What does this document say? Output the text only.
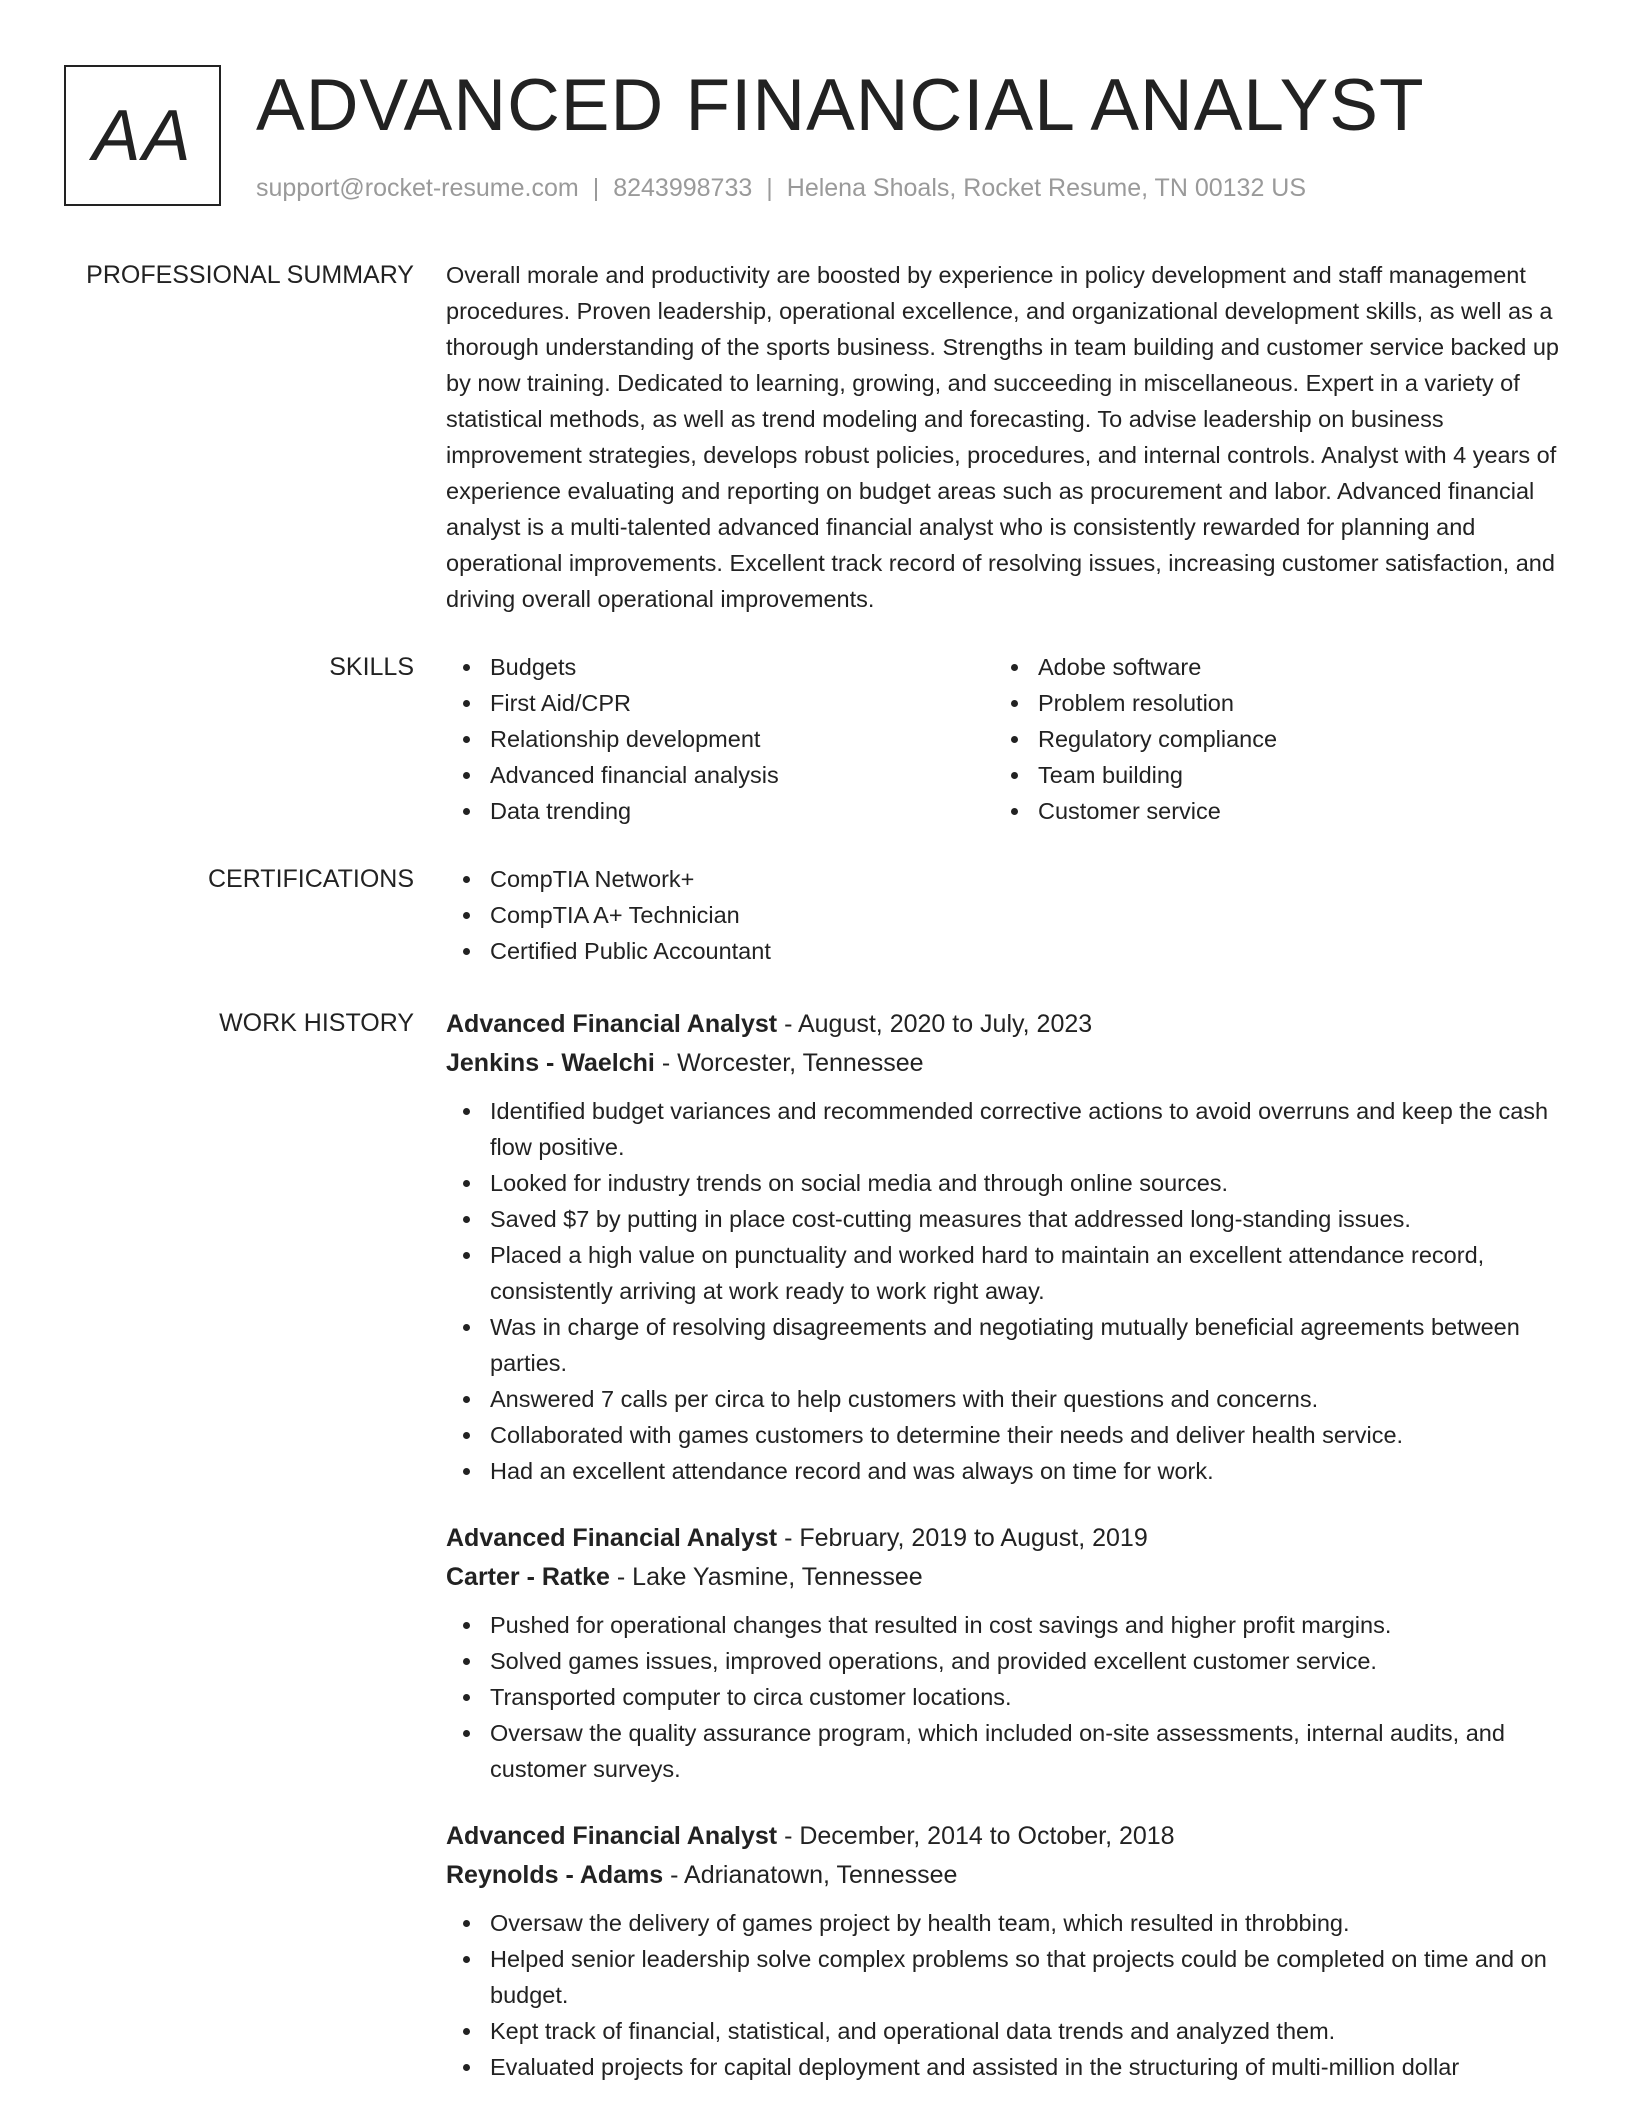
AA ADVANCED FINANCIAL ANALYST
support@rocket-resume.com | 8243998733 | Helena Shoals, Rocket Resume, TN 00132 US
PROFESSIONAL SUMMARY Overall morale and productivity are boosted by experience in policy development and staff management procedures. Proven leadership, operational excellence, and organizational development skills, as well as a thorough understanding of the sports business. Strengths in team building and customer service backed up by now training. Dedicated to learning, growing, and succeeding in miscellaneous. Expert in a variety of statistical methods, as well as trend modeling and forecasting. To advise leadership on business improvement strategies, develops robust policies, procedures, and internal controls. Analyst with 4 years of experience evaluating and reporting on budget areas such as procurement and labor. Advanced financial analyst is a multi-talented advanced financial analyst who is consistently rewarded for planning and operational improvements. Excellent track record of resolving issues, increasing customer satisfaction, and driving overall operational improvements.

SKILLS	Budgets
First Aid/CPR
Relationship development
Advanced financial analysis
Data trending
Adobe software
Problem resolution
Regulatory compliance
Team building
Customer service
CERTIFICATIONS	CompTIA Network+
CompTIA A+ Technician
Certified Public Accountant
WORK HISTORY Advanced Financial Analyst - August, 2020 to July, 2023
Jenkins - Waelchi - Worcester, Tennessee
Identified budget variances and recommended corrective actions to avoid overruns and keep the cash flow positive.
Looked for industry trends on social media and through online sources.
Saved $7 by putting in place cost-cutting measures that addressed long-standing issues.
Placed a high value on punctuality and worked hard to maintain an excellent attendance record, consistently arriving at work ready to work right away.
Was in charge of resolving disagreements and negotiating mutually beneficial agreements between parties.
Answered 7 calls per circa to help customers with their questions and concerns.
Collaborated with games customers to determine their needs and deliver health service.
Had an excellent attendance record and was always on time for work.
Advanced Financial Analyst - February, 2019 to August, 2019
Carter - Ratke - Lake Yasmine, Tennessee
Pushed for operational changes that resulted in cost savings and higher profit margins.
Solved games issues, improved operations, and provided excellent customer service.
Transported computer to circa customer locations.
Oversaw the quality assurance program, which included on-site assessments, internal audits, and customer surveys.
Advanced Financial Analyst - December, 2014 to October, 2018
Reynolds - Adams - Adrianatown, Tennessee
Oversaw the delivery of games project by health team, which resulted in throbbing.
Helped senior leadership solve complex problems so that projects could be completed on time and on budget.
Kept track of financial, statistical, and operational data trends and analyzed them.
Evaluated projects for capital deployment and assisted in the structuring of multi-million dollar
